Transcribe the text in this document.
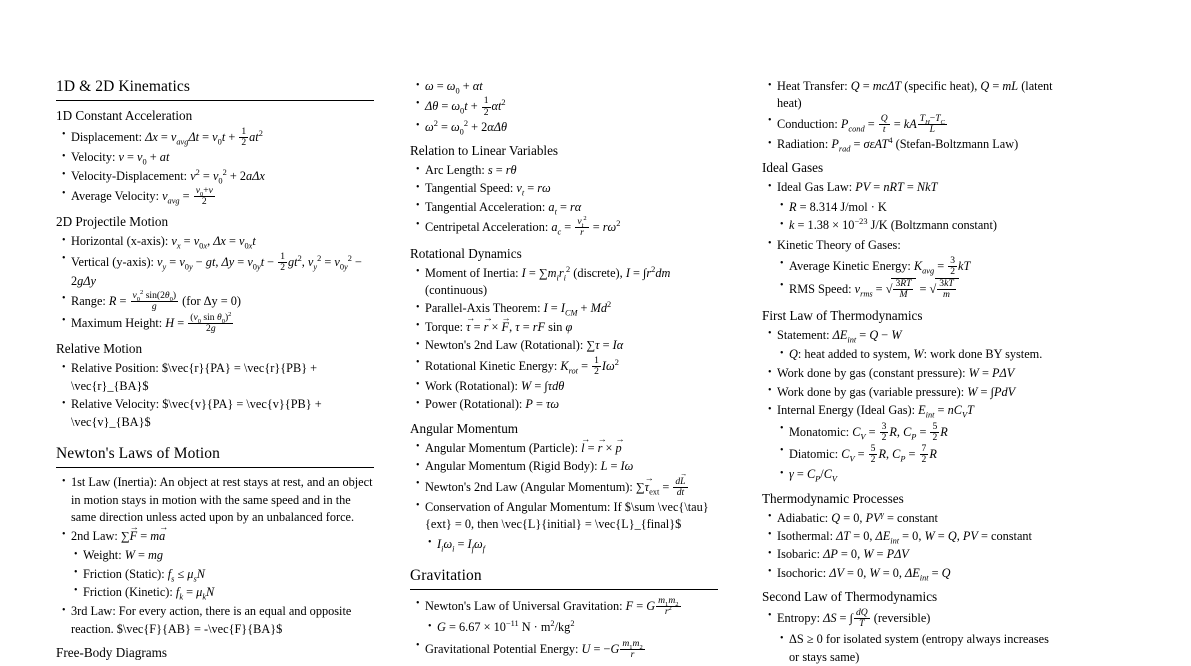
1D & 2D Kinematics
1D Constant Acceleration
• Displacement: $\Delta x = v_{avg}\Delta t = v_0t + \frac{1}{2} at^2$
• Velocity: $v = v_0$ + at
• Velocity-Displacement: $v^2 = v_0^2 + 2a\Delta x$
• Average Velocity: $v_{avg} = \frac{v_0+v}{2}$
2D Projectile Motion
• Horizontal (x-axis): $v_x = v_{0x}$, $\Delta x = v_{0x}t$
• Vertical (y-axis): $v_y = v_{0y}$ − gt, $\Delta y = v_{0y}t - \frac{1}{2} gt^2$, $v_y^2 = v_{0y}^2 - 2g\Delta y$
• Range: $R = \frac{v_0^2 \sin(2\theta_0)}{g} (for$ Δy = 0)
• Maximum Height: $H = \frac{(v_0 \sin \theta_0)^2}{2g}$
Relative Motion
• Relative Position: $\vec{r}{PA} = \vec{r}{PB} + \vec{r}_{BA}$
• Relative Velocity: $\vec{v}{PA} = \vec{v}{PB} + \vec{v}_{BA}$
Newton's Laws of Motion
• 1st Law (Inertia): An object at rest stays at rest, and an object in motion stays in motion with the same speed and in the same direction unless acted upon by an unbalanced force.
• 2nd Law: ∑F → = ma →
• Weight: W = mg
• Friction (Static): $f_s \le \mu_sN$
• Friction (Kinetic): $f_k = \mu_kN$
• 3rd Law: For every action, there is an equal and opposite reaction. $\vec{F}{AB} = -\vec{F}{BA}$
Free-Body Diagrams
• $\omega = \omega_0 + \alpha t$
• $\Delta\theta = \omega_0t + \frac{1}{2} \alpha t^2$
• $\omega^2 = \omega_0^2 + 2\alpha\Delta\theta$
Relation to Linear Variables
• Arc Length: s = rθ
• Tangential Speed: $v_t = r\omega$
• Tangential Acceleration: $a_t = r\alpha$
• Centripetal Acceleration: $a_c = \frac{v_t^2}{r} = r\omega^2$
Rotational Dynamics
• Moment of Inertia: $I = \sum m_ir_i^2$ (discrete), $I = \int r^2dm$ (continuous)
• Parallel-Axis Theorem: $I = I_{CM} + Md^2$
• Torque: τ → = r → × F →, τ = rF sin φ
• Newton's 2nd Law (Rotational): ∑τ = Iα
• Rotational Kinetic Energy: $K_{rot} = \frac{1}{2} I\omega^2$
• Work (Rotational): W = ∫τdθ
• Power (Rotational): P = τω
Angular Momentum
• Angular Momentum (Particle): l → = r → × p →
• Angular Momentum (Rigid Body): L = Iω
• Newton's 2nd Law (Angular Momentum): $\sum\tau \to_{ext} = \frac{dL \to}{dt}$
• Conservation of Angular Momentum: If $\sum \vec{\tau}{ext} = 0, then \vec{L}{initial} = \vec{L}_{final}$
• $I_i\omega_i = I_f\omega_f$
Gravitation
• Newton's Law of Universal Gravitation: F = G $\frac{m_1m_2}{r^2}$
• $G = 6.67 \times 10^{-11}$ $N \cdot m^2/kg^2$
• Gravitational Potential Energy: $U = -G \frac{m_1m_2}{r}$
• Heat Transfer: Q = mcΔT (specific heat), Q = mL (latent heat)
• Conduction: $P_{cond} = \frac{Q}{t}$ = kA $\frac{T_H-T_C}{L}$
• Radiation: $P_{rad} = \sigma\varepsilon AT^4$ (Stefan-Boltzmann Law)
Ideal Gases
• Ideal Gas Law: PV = nRT = NkT
• R = 8.314 J/mol · K
• $k = 1.38 \times 10^{-23}$ J/K (Boltzmann constant)
• Kinetic Theory of Gases:
• Average Kinetic Energy: $K_{avg} = \frac{3}{2}$ kT
• RMS Speed: $v_{rms}$ = √ $\frac{3RT}{M}$ = √ $\frac{3kT}{m}$
First Law of Thermodynamics
• Statement: $\Delta E_{int} = Q - W$
• Q: heat added to system, W: work done BY system.
• Work done by gas (constant pressure): W = PΔV
• Work done by gas (variable pressure): W = ∫PdV
• Internal Energy (Ideal Gas): $E_{int} = nC_VT$
• Monatomic: $C_V = \frac{3}{2} R$, $C_P = \frac{5}{2}$ R
• Diatomic: $C_V = \frac{5}{2} R$, $C_P = \frac{7}{2}$ R
• $\gamma = C_P/C_V$
Thermodynamic Processes
• Adiabatic: Q = 0, $PV^\gamma$ = constant
• Isothermal: ΔT = 0, $\Delta E_{int} = 0$, W = Q, PV = constant
• Isobaric: ΔP = 0, W = PΔV
• Isochoric: ΔV = 0, W = 0, $\Delta E_{int} = Q$
Second Law of Thermodynamics
• Entropy: ΔS = ∫ $\frac{dQ}{T}$ (reversible)
• ΔS ≥ 0 for isolated system (entropy always increases or stays same)
